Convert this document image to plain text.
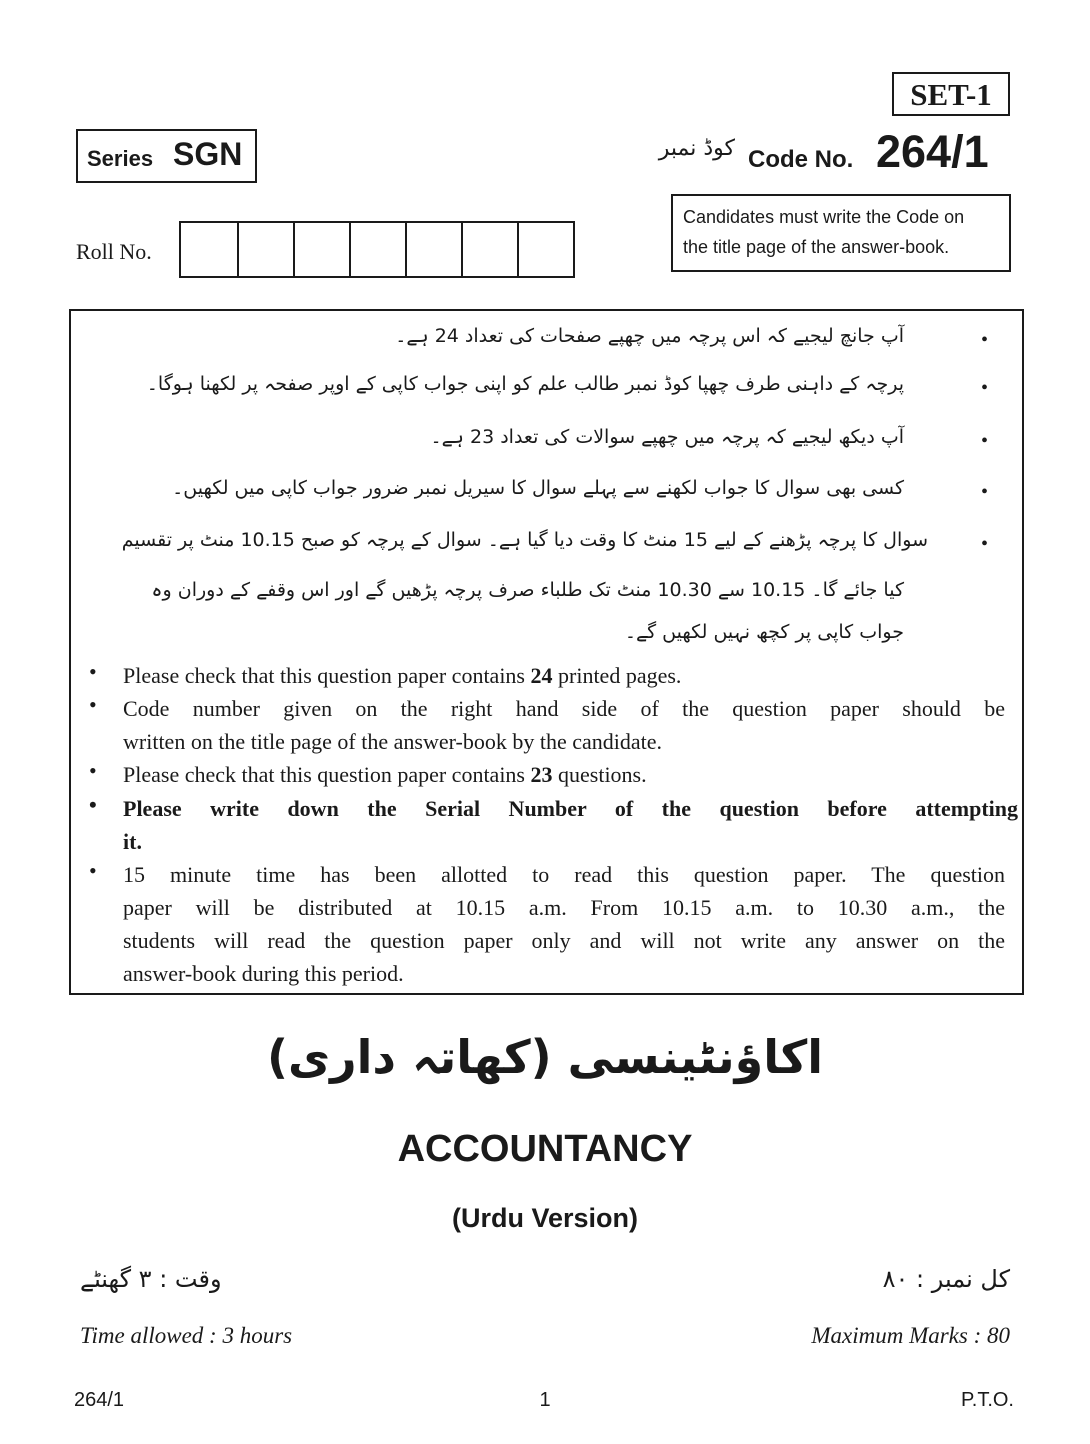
SET-1
Series SGN	کوڈ نمبر Code No. 264/1
Candidates must write the Code on
the title page of the answer-book.
Roll No.
•
آپ جانچ لیجیے کہ اس پرچہ میں چھپے صفحات کی تعداد 24 ہے۔
•
پرچہ کے داہنی طرف چھپا کوڈ نمبر طالب علم کو اپنی جواب کاپی کے اوپر صفحہ پر لکھنا ہوگا۔
•
آپ دیکھ لیجیے کہ پرچہ میں چھپے سوالات کی تعداد 23 ہے۔
•
کسی بھی سوال کا جواب لکھنے سے پہلے سوال کا سیریل نمبر ضرور جواب کاپی میں لکھیں۔
•
سوال کا پرچہ پڑھنے کے لیے 15 منٹ کا وقت دیا گیا ہے۔ سوال کے پرچہ کو صبح 10.15 منٹ پر تقسیم
کیا جائے گا۔ 10.15 سے 10.30 منٹ تک طلباء صرف پرچہ پڑھیں گے اور اس وقفے کے دوران وہ
جواب کاپی پر کچھ نہیں لکھیں گے۔
• Please check that this question paper contains 24 printed pages.
• Code number given on the right hand side of the question paper should be
written on the title page of the answer-book by the candidate.
• Please check that this question paper contains 23 questions.
• Please write down the Serial Number of the question before attempting
it.
• 15 minute time has been allotted to read this question paper. The question
paper will be distributed at 10.15 a.m. From 10.15 a.m. to 10.30 a.m., the
students will read the question paper only and will not write any answer on the
answer-book during this period.
اکاؤنٹینسی (کھاتہ داری)
ACCOUNTANCY
(Urdu Version)
وقت : ۳ گھنٹے	کل نمبر : ۸۰
Time allowed : 3 hours	Maximum Marks : 80
264/1	1	P.T.O.
